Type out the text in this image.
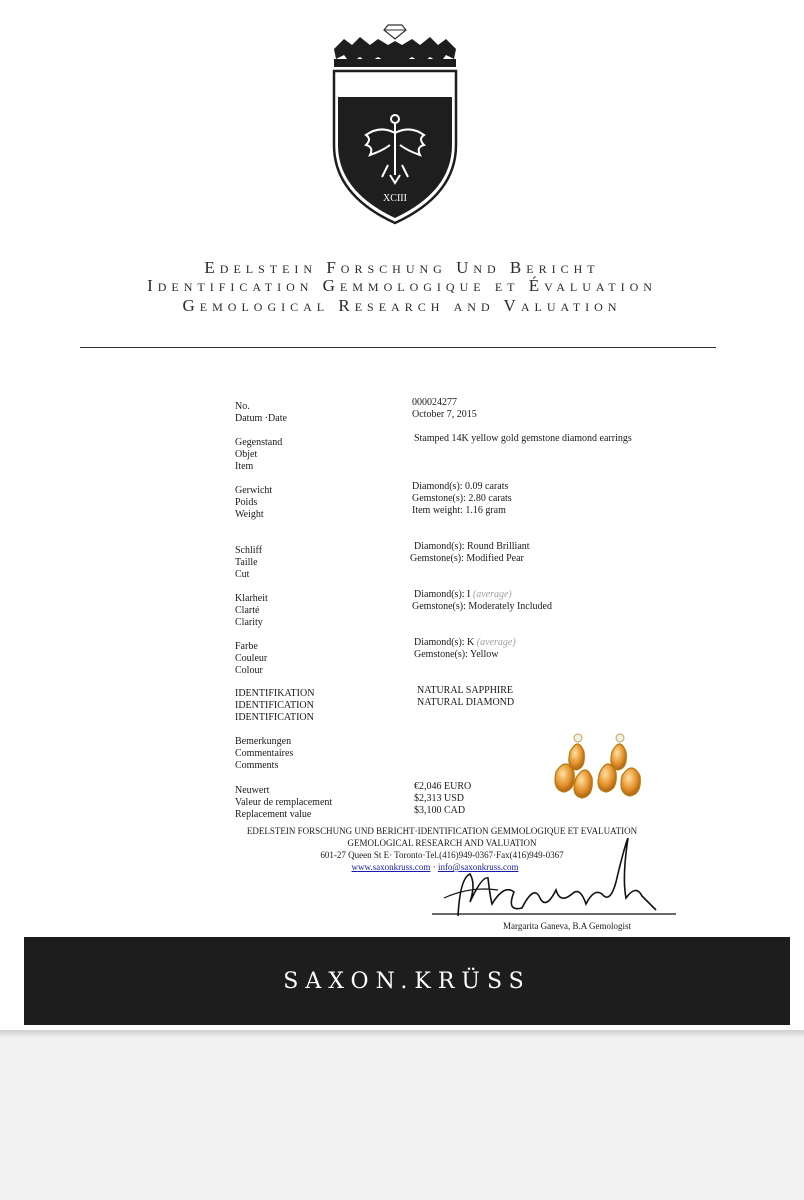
XCIII
Edelstein Forschung Und Bericht
Identification Gemmologique et Évaluation
Gemological Research and Valuation
No.
Datum ·Date
000024277
October 7, 2015
Gegenstand
Objet
Item
Stamped 14K yellow gold gemstone diamond earrings
Gerwicht
Poids
Weight
Diamond(s): 0.09 carats
Gemstone(s): 2.80 carats
Item weight: 1.16 gram
Schliff
Taille
Cut
Diamond(s): Round Brilliant
Gemstone(s): Modified Pear
Klarheit
Clarté
Clarity
Diamond(s): I (average)
Gemstone(s): Moderately Included
Farbe
Couleur
Colour
Diamond(s): K (average)
Gemstone(s): Yellow
IDENTIFIKATION
IDENTIFICATION
IDENTIFICATION
NATURAL SAPPHIRE
NATURAL DIAMOND
Bemerkungen
Commentaires
Comments
Neuwert
Valeur de remplacement
Replacement value
€2,046 EURO
$2,313 USD
$3,100 CAD
EDELSTEIN FORSCHUNG UND BERICHT·IDENTIFICATION GEMMOLOGIQUE ET EVALUATION
GEMOLOGICAL RESEARCH AND VALUATION
601-27 Queen St E· Toronto·Tel.(416)949-0367·Fax(416)949-0367
www.saxonkruss.com · info@saxonkruss.com
Margarita Ganeva, B.A Gemologist
SAXON.KRÜSS
